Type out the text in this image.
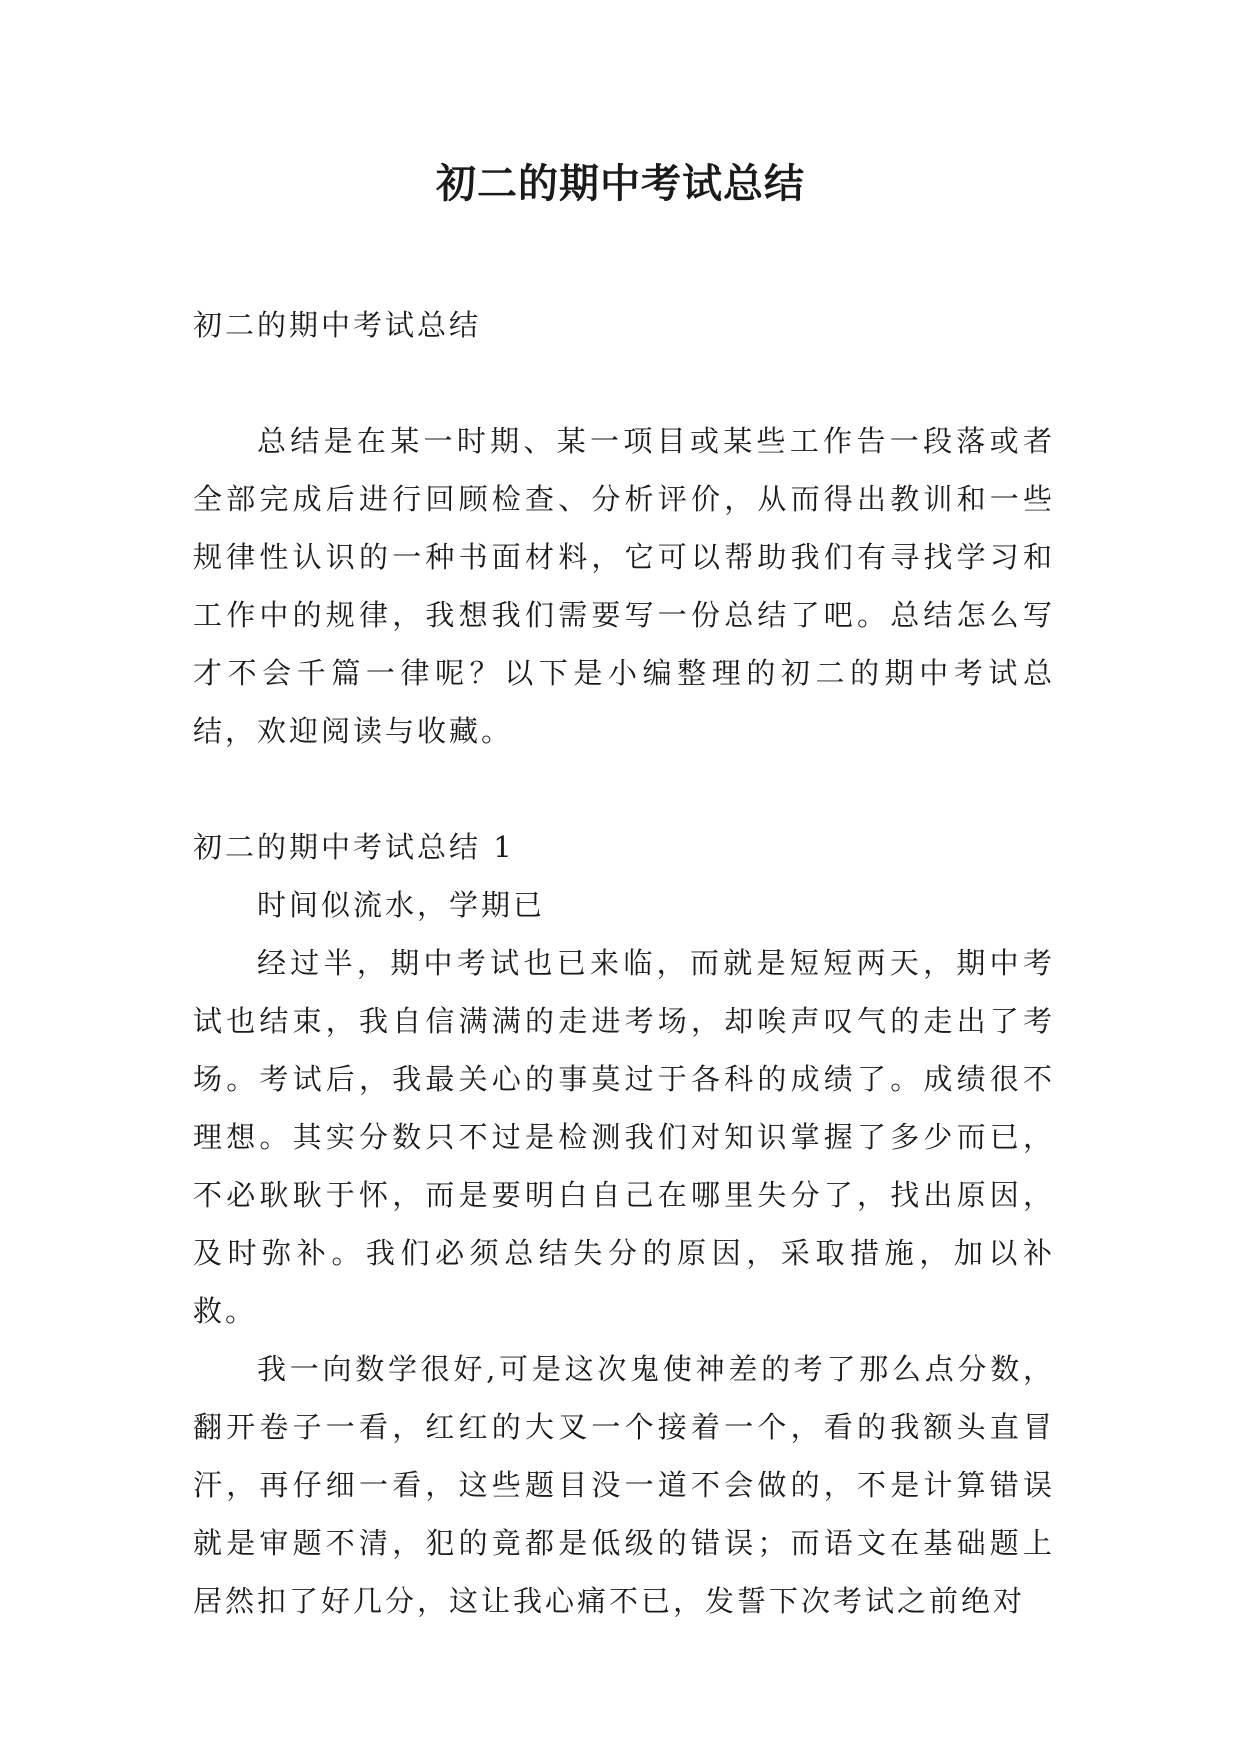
初二的期中考试总结

初二的期中考试总结

总结是在某一时期、某一项目或某些工作告一段落或者全部完成后进行回顾检查、分析评价，从而得出教训和一些规律性认识的一种书面材料，它可以帮助我们有寻找学习和工作中的规律，我想我们需要写一份总结了吧。总结怎么写才不会千篇一律呢？以下是小编整理的初二的期中考试总结，欢迎阅读与收藏。

初二的期中考试总结 1

时间似流水，学期已

经过半，期中考试也已来临，而就是短短两天，期中考试也结束，我自信满满的走进考场，却唉声叹气的走出了考场。考试后，我最关心的事莫过于各科的成绩了。成绩很不理想。其实分数只不过是检测我们对知识掌握了多少而已，不必耿耿于怀，而是要明白自己在哪里失分了，找出原因，及时弥补。我们必须总结失分的原因，采取措施，加以补救。

我一向数学很好,可是这次鬼使神差的考了那么点分数，翻开卷子一看，红红的大叉一个接着一个，看的我额头直冒汗，再仔细一看，这些题目没一道不会做的，不是计算错误就是审题不清，犯的竟都是低级的错误；而语文在基础题上居然扣了好几分，这让我心痛不已，发誓下次考试之前绝对
